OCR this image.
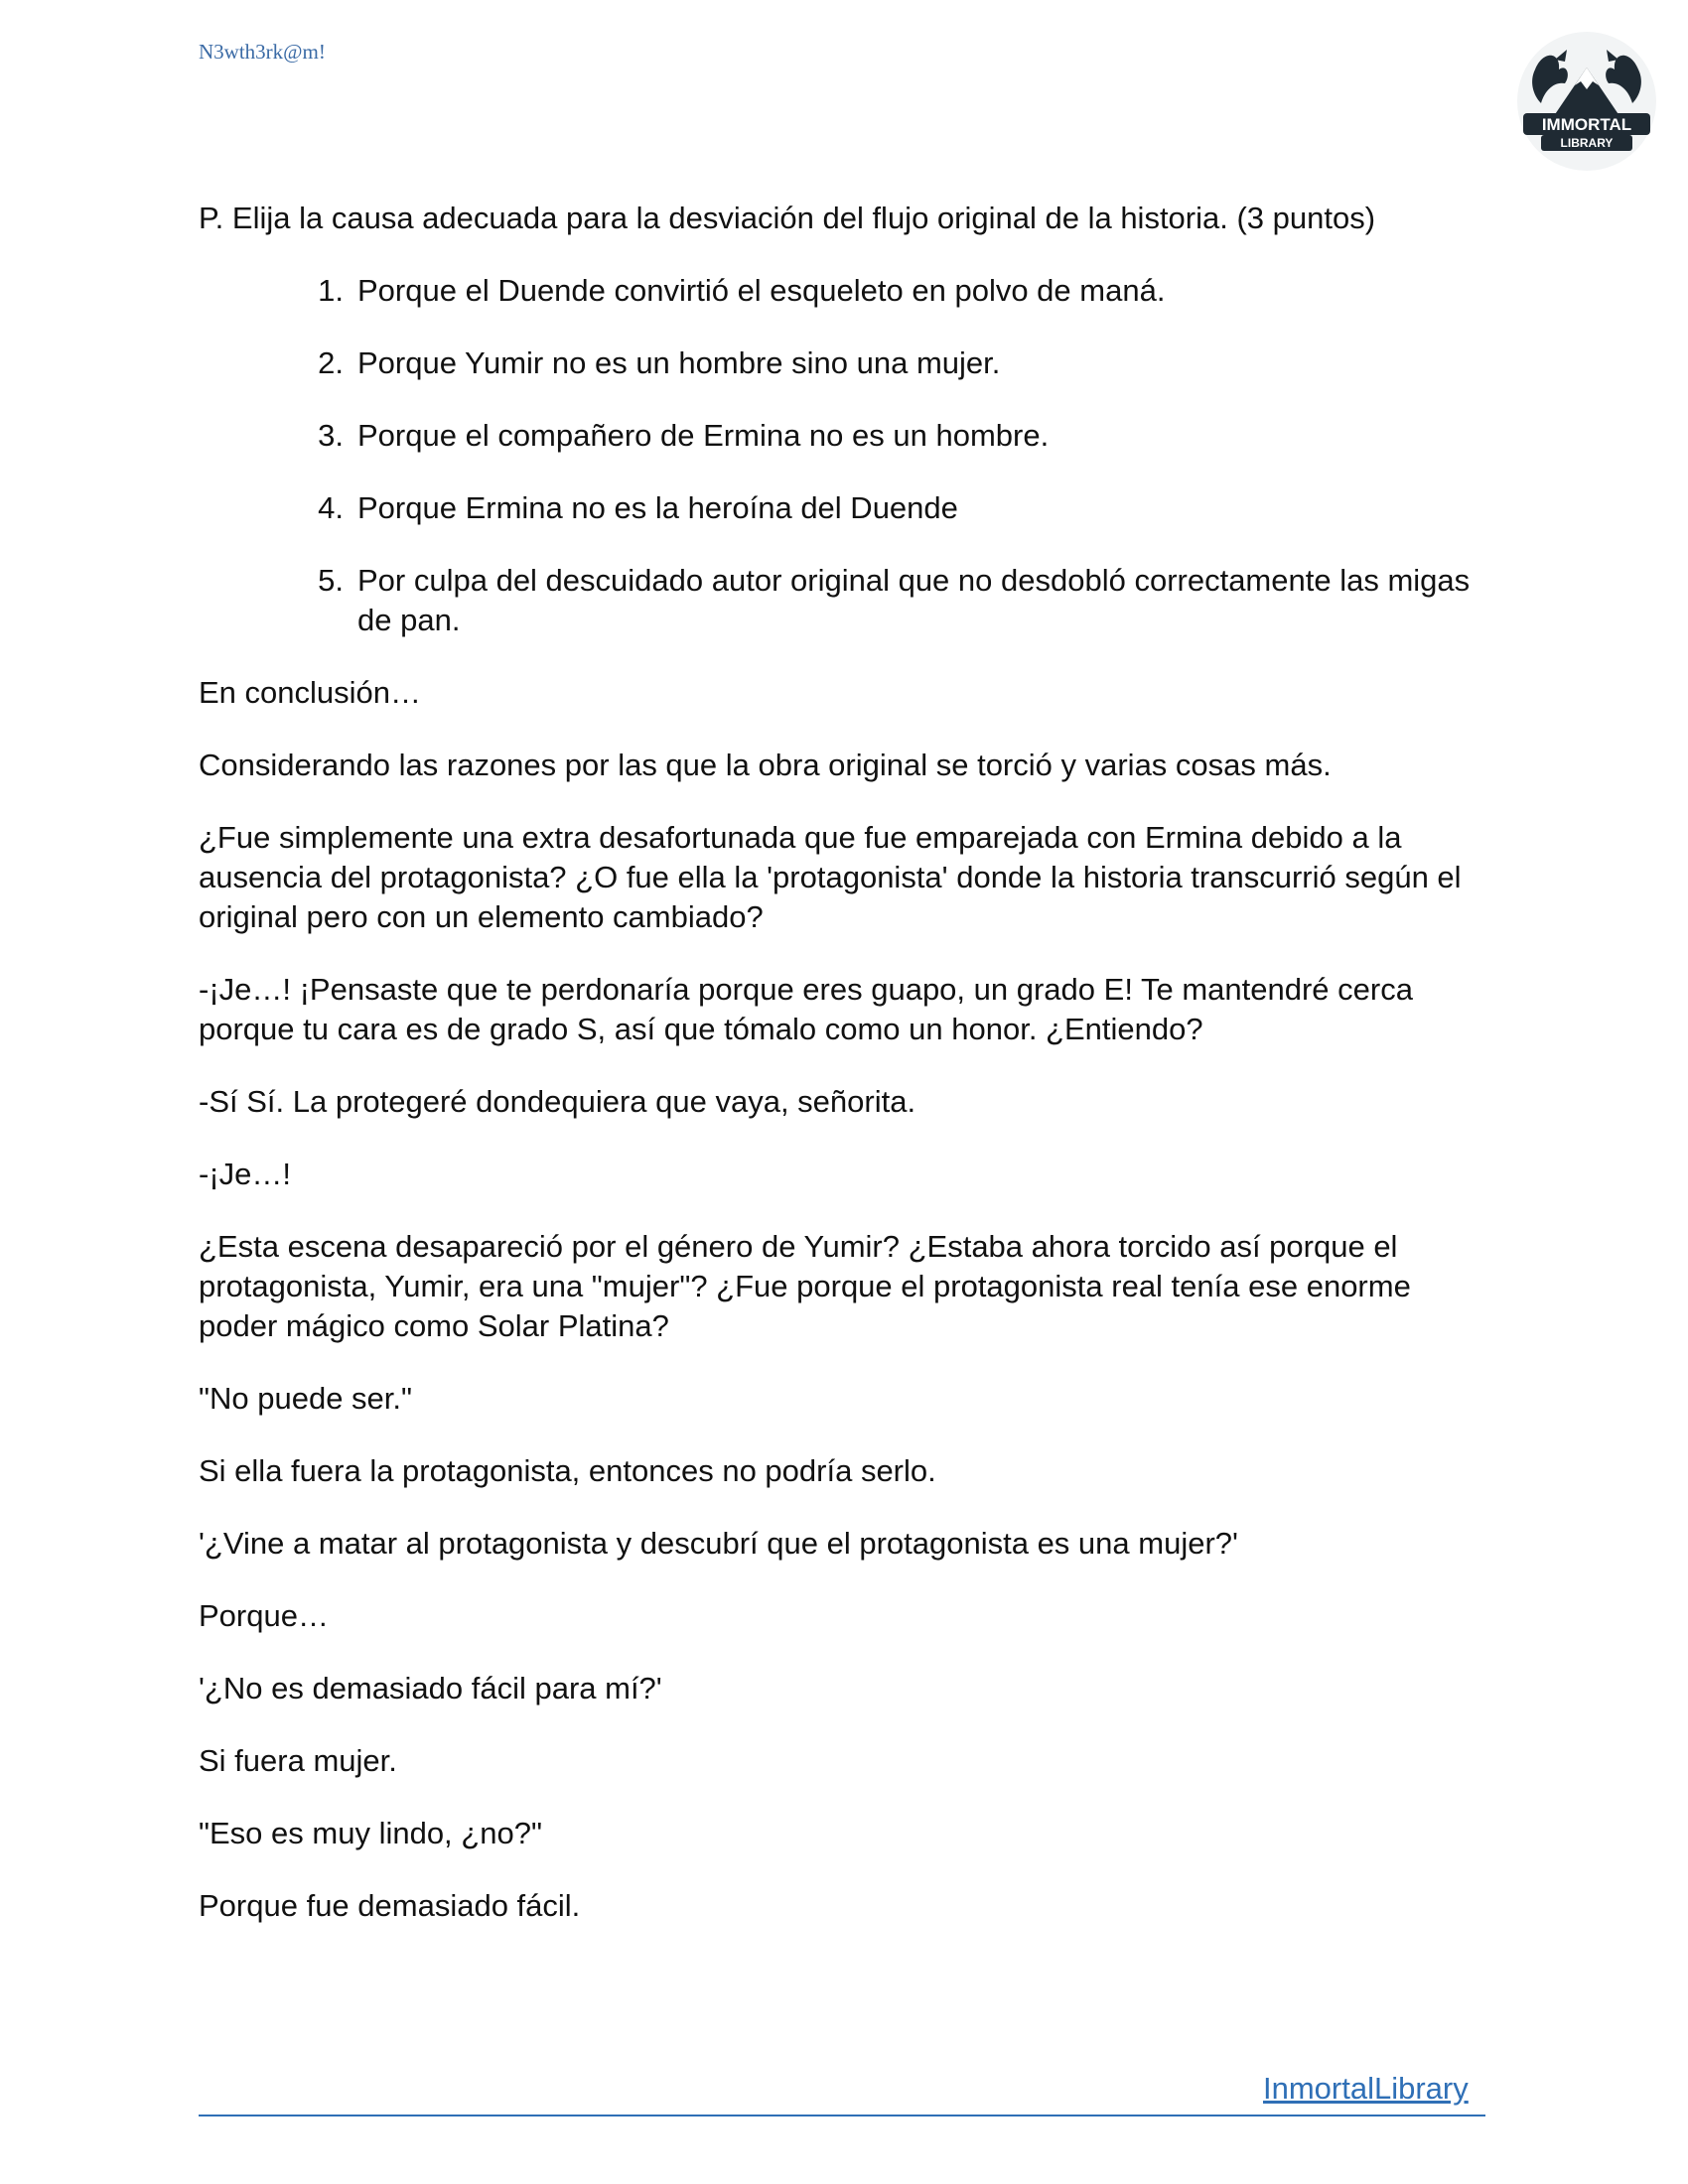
N3wth3rk@m!
IMMORTAL
LIBRARY

P. Elija la causa adecuada para la desviación del flujo original de la historia. (3 puntos)

1. Porque el Duende convirtió el esqueleto en polvo de maná.
2. Porque Yumir no es un hombre sino una mujer.
3. Porque el compañero de Ermina no es un hombre.
4. Porque Ermina no es la heroína del Duende
5. Por culpa del descuidado autor original que no desdobló correctamente las migas de pan.

En conclusión…

Considerando las razones por las que la obra original se torció y varias cosas más.

¿Fue simplemente una extra desafortunada que fue emparejada con Ermina debido a la ausencia del protagonista? ¿O fue ella la 'protagonista' donde la historia transcurrió según el original pero con un elemento cambiado?

-¡Je…! ¡Pensaste que te perdonaría porque eres guapo, un grado E! Te mantendré cerca porque tu cara es de grado S, así que tómalo como un honor. ¿Entiendo?

-Sí Sí. La protegeré dondequiera que vaya, señorita.

-¡Je…!

¿Esta escena desapareció por el género de Yumir? ¿Estaba ahora torcido así porque el protagonista, Yumir, era una "mujer"? ¿Fue porque el protagonista real tenía ese enorme poder mágico como Solar Platina?

"No puede ser."

Si ella fuera la protagonista, entonces no podría serlo.

'¿Vine a matar al protagonista y descubrí que el protagonista es una mujer?'

Porque…

'¿No es demasiado fácil para mí?'

Si fuera mujer.

"Eso es muy lindo, ¿no?"

Porque fue demasiado fácil.

InmortalLibrary
